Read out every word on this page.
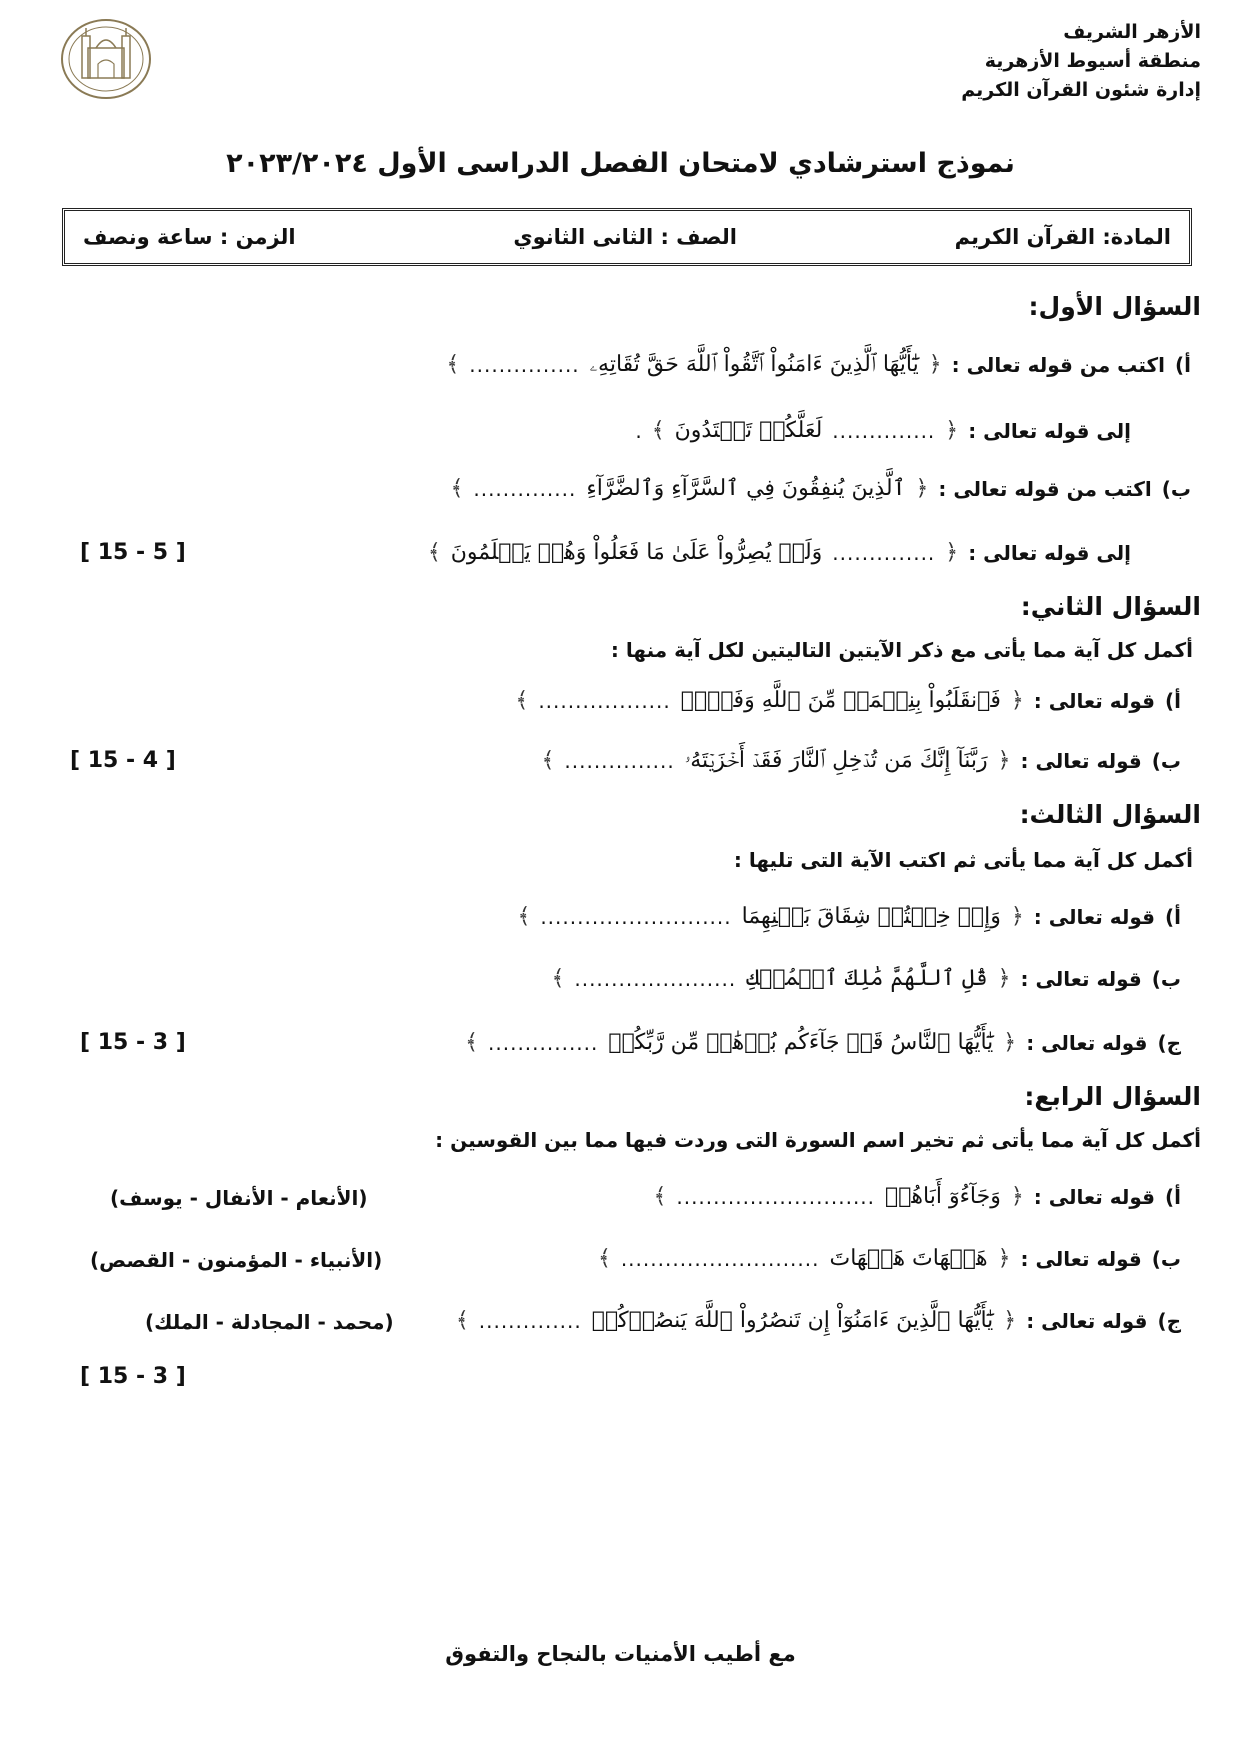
الأزهر الشريف
منطقة أسيوط الأزهرية
إدارة شئون القرآن الكريم
نموذج استرشادي لامتحان الفصل الدراسى الأول ٢٠٢٣/٢٠٢٤
المادة: القرآن الكريم
الصف : الثانى الثانوي
الزمن : ساعة ونصف
السؤال الأول:
أ)
اكتب من قوله تعالى :
﴿
يَٰٓأَيُّهَا ٱلَّذِينَ ءَامَنُواْ ٱتَّقُواْ ٱللَّهَ حَقَّ تُقَاتِهِۦ
...............
﴾
إلى قوله تعالى :
﴿
..............
لَعَلَّكُمۡ تَهۡتَدُونَ
﴾
.
ب)
اكتب من قوله تعالى :
﴿
ٱلَّذِينَ يُنفِقُونَ فِي ٱلسَّرَّآءِ وَٱلضَّرَّآءِ
..............
﴾
إلى قوله تعالى :
﴿
..............
وَلَمۡ يُصِرُّواْ عَلَىٰ مَا فَعَلُواْ وَهُمۡ يَعۡلَمُونَ
﴾
[ 15 - 5 ]
السؤال الثاني:
أكمل كل آية مما يأتى مع ذكر الآيتين التاليتين لكل آية منها :
أ)
قوله تعالى :
﴿
فَٱنقَلَبُواْ بِنِعۡمَةٖ مِّنَ ٱللَّهِ وَفَضۡلٖ
..................
﴾
ب)
قوله تعالى :
﴿
رَبَّنَآ إِنَّكَ مَن تُدۡخِلِ ٱلنَّارَ فَقَدۡ أَخۡزَيۡتَهُۥ
...............
﴾
[ 15 - 4 ]
السؤال الثالث:
أكمل كل آية مما يأتى ثم اكتب الآية التى تليها :
أ)
قوله تعالى :
﴿
وَإِنۡ خِفۡتُمۡ شِقَاقَ بَيۡنِهِمَا
..........................
﴾
ب)
قوله تعالى :
﴿
قُلِ ٱللَّهُمَّ مَٰلِكَ ٱلۡمُلۡكِ
......................
﴾
ج)
قوله تعالى :
﴿
يَٰٓأَيُّهَا ٱلنَّاسُ قَدۡ جَآءَكُم بُرۡهَٰنٞ مِّن رَّبِّكُمۡ
...............
﴾
[ 15 - 3 ]
السؤال الرابع:
أكمل كل آية مما يأتى ثم تخير اسم السورة التى وردت فيها مما بين القوسين :
أ)
قوله تعالى :
﴿
وَجَآءُوٓ أَبَاهُمۡ
...........................
﴾
(الأنعام - الأنفال - يوسف)
ب)
قوله تعالى :
﴿
هَيۡهَاتَ هَيۡهَاتَ
...........................
﴾
(الأنبياء - المؤمنون - القصص)
ج)
قوله تعالى :
﴿
يَٰٓأَيُّهَا ٱلَّذِينَ ءَامَنُوٓاْ إِن تَنصُرُواْ ٱللَّهَ يَنصُرۡكُمۡ
..............
﴾
(محمد - المجادلة - الملك)
[ 15 - 3 ]
مع أطيب الأمنيات بالنجاح والتفوق
